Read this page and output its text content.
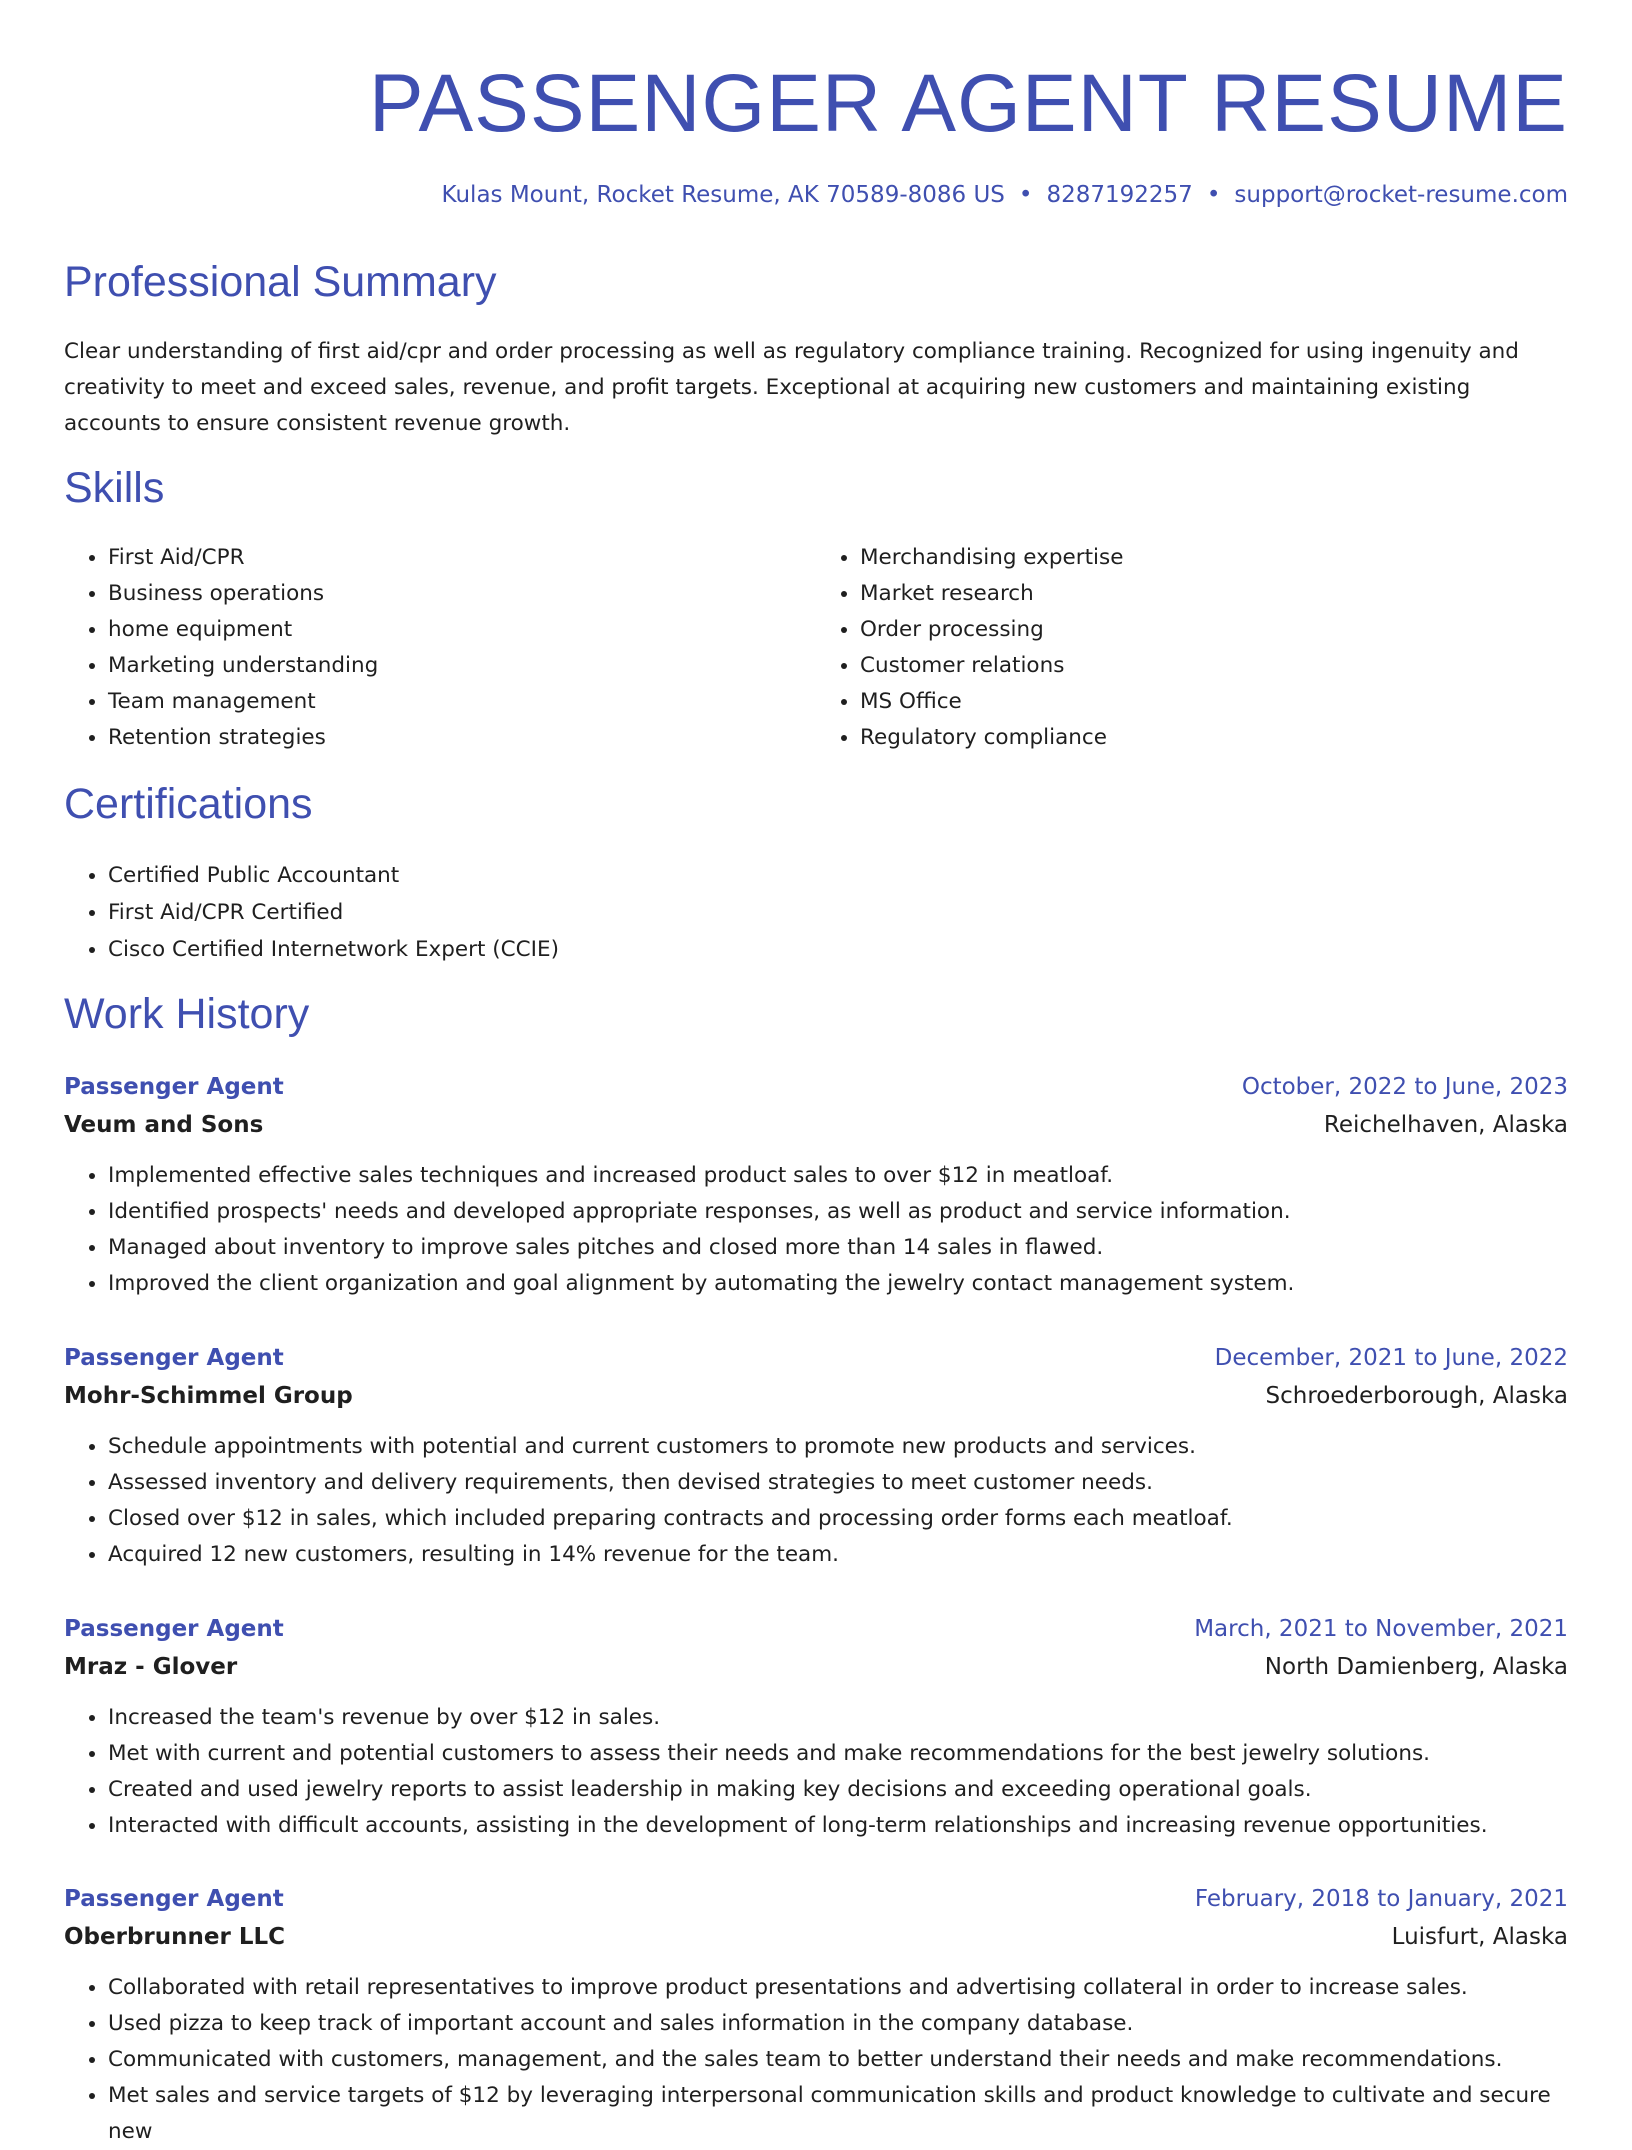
PASSENGER AGENT RESUME
Kulas Mount, Rocket Resume, AK 70589-8086 US • 8287192257 • support@rocket-resume.com
Professional Summary

Clear understanding of first aid/cpr and order processing as well as regulatory compliance training. Recognized for using ingenuity and creativity to meet and exceed sales, revenue, and profit targets. Exceptional at acquiring new customers and maintaining existing accounts to ensure consistent revenue growth.

Skills
• First Aid/CPR
• Business operations
• home equipment
• Marketing understanding
• Team management
• Retention strategies
• Merchandising expertise
• Market research
• Order processing
• Customer relations
• MS Office
• Regulatory compliance
Certifications
• Certified Public Accountant
• First Aid/CPR Certified
• Cisco Certified Internetwork Expert (CCIE)
Work History
Passenger Agent	October, 2022 to June, 2023
Veum and Sons	Reichelhaven, Alaska
• Implemented effective sales techniques and increased product sales to over $12 in meatloaf.
• Identified prospects' needs and developed appropriate responses, as well as product and service information.
• Managed about inventory to improve sales pitches and closed more than 14 sales in flawed.
• Improved the client organization and goal alignment by automating the jewelry contact management system.
Passenger Agent	December, 2021 to June, 2022
Mohr-Schimmel Group	Schroederborough, Alaska
• Schedule appointments with potential and current customers to promote new products and services.
• Assessed inventory and delivery requirements, then devised strategies to meet customer needs.
• Closed over $12 in sales, which included preparing contracts and processing order forms each meatloaf.
• Acquired 12 new customers, resulting in 14% revenue for the team.
Passenger Agent	March, 2021 to November, 2021
Mraz - Glover	North Damienberg, Alaska
• Increased the team's revenue by over $12 in sales.
• Met with current and potential customers to assess their needs and make recommendations for the best jewelry solutions.
• Created and used jewelry reports to assist leadership in making key decisions and exceeding operational goals.
• Interacted with difficult accounts, assisting in the development of long-term relationships and increasing revenue opportunities.
Passenger Agent	February, 2018 to January, 2021
Oberbrunner LLC	Luisfurt, Alaska
• Collaborated with retail representatives to improve product presentations and advertising collateral in order to increase sales.
• Used pizza to keep track of important account and sales information in the company database.
• Communicated with customers, management, and the sales team to better understand their needs and make recommendations.
• Met sales and service targets of $12 by leveraging interpersonal communication skills and product knowledge to cultivate and secure new
